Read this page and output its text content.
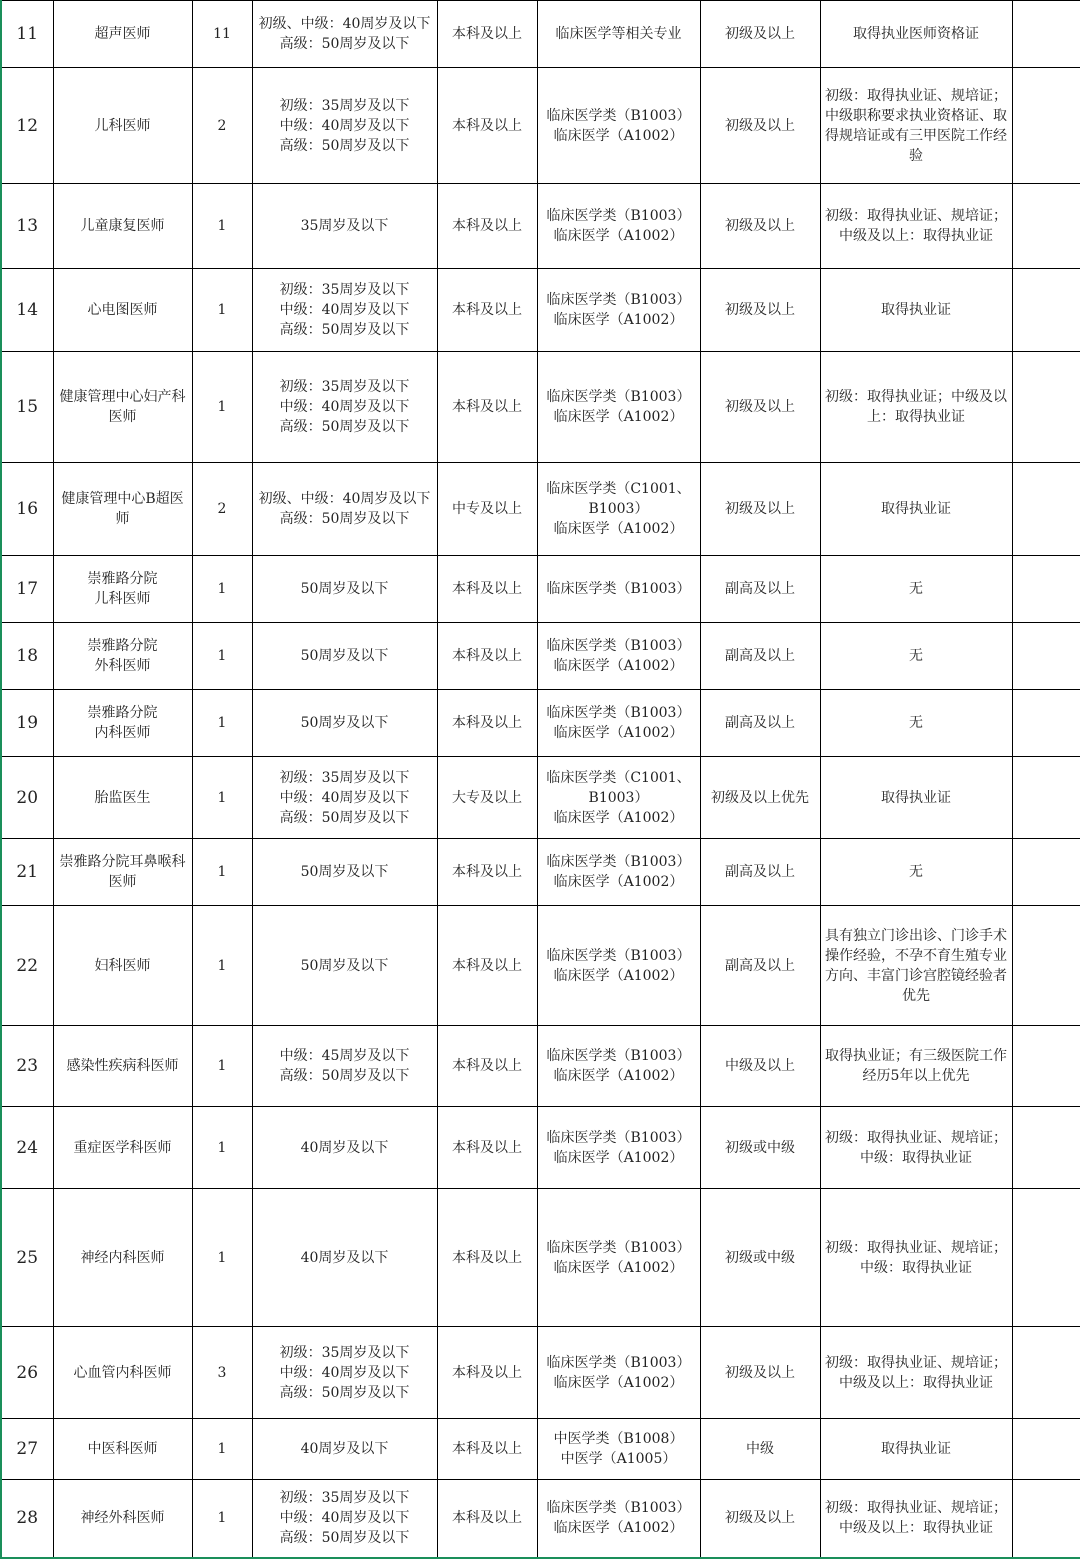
11	超声医师	11	初级、中级：40周岁及以下
高级：50周岁及以下	本科及以上	临床医学等相关专业	初级及以上	取得执业医师资格证	

12	儿科医师	2	初级：35周岁及以下
中级：40周岁及以下
高级：50周岁及以下	本科及以上	临床医学类（B1003）
临床医学（A1002）	初级及以上	初级：取得执业证、规培证；中级职称要求执业资格证、取得规培证或有三甲医院工作经验	

13	儿童康复医师	1	35周岁及以下	本科及以上	临床医学类（B1003）
临床医学（A1002）	初级及以上	初级：取得执业证、规培证；中级及以上：取得执业证	

14	心电图医师	1	初级：35周岁及以下
中级：40周岁及以下
高级：50周岁及以下	本科及以上	临床医学类（B1003）
临床医学（A1002）	初级及以上	取得执业证	

15	健康管理中心妇产科医师	1	初级：35周岁及以下
中级：40周岁及以下
高级：50周岁及以下	本科及以上	临床医学类（B1003）
临床医学（A1002）	初级及以上	初级：取得执业证；中级及以上：取得执业证	

16	健康管理中心B超医师	2	初级、中级：40周岁及以下
高级：50周岁及以下	中专及以上	临床医学类（C1001、B1003）
临床医学（A1002）	初级及以上	取得执业证	

17	崇雅路分院
儿科医师	1	50周岁及以下	本科及以上	临床医学类（B1003）	副高及以上	无	

18	崇雅路分院
外科医师	1	50周岁及以下	本科及以上	临床医学类（B1003）
临床医学（A1002）	副高及以上	无	

19	崇雅路分院
内科医师	1	50周岁及以下	本科及以上	临床医学类（B1003）
临床医学（A1002）	副高及以上	无	

20	胎监医生	1	初级：35周岁及以下
中级：40周岁及以下
高级：50周岁及以下	大专及以上	临床医学类（C1001、B1003）
临床医学（A1002）	初级及以上优先	取得执业证	

21	崇雅路分院耳鼻喉科医师	1	50周岁及以下	本科及以上	临床医学类（B1003）
临床医学（A1002）	副高及以上	无	

22	妇科医师	1	50周岁及以下	本科及以上	临床医学类（B1003）
临床医学（A1002）	副高及以上	具有独立门诊出诊、门诊手术操作经验，不孕不育生殖专业方向、丰富门诊宫腔镜经验者优先	

23	感染性疾病科医师	1	中级：45周岁及以下
高级：50周岁及以下	本科及以上	临床医学类（B1003）
临床医学（A1002）	中级及以上	取得执业证；有三级医院工作经历5年以上优先	

24	重症医学科医师	1	40周岁及以下	本科及以上	临床医学类（B1003）
临床医学（A1002）	初级或中级	初级：取得执业证、规培证；中级：取得执业证	

25	神经内科医师	1	40周岁及以下	本科及以上	临床医学类（B1003）
临床医学（A1002）	初级或中级	初级：取得执业证、规培证；中级：取得执业证	

26	心血管内科医师	3	初级：35周岁及以下
中级：40周岁及以下
高级：50周岁及以下	本科及以上	临床医学类（B1003）
临床医学（A1002）	初级及以上	初级：取得执业证、规培证；中级及以上：取得执业证	

27	中医科医师	1	40周岁及以下	本科及以上	中医学类（B1008）
中医学（A1005）	中级	取得执业证	

28	神经外科医师	1	初级：35周岁及以下
中级：40周岁及以下
高级：50周岁及以下	本科及以上	临床医学类（B1003）
临床医学（A1002）	初级及以上	初级：取得执业证、规培证；中级及以上：取得执业证	
